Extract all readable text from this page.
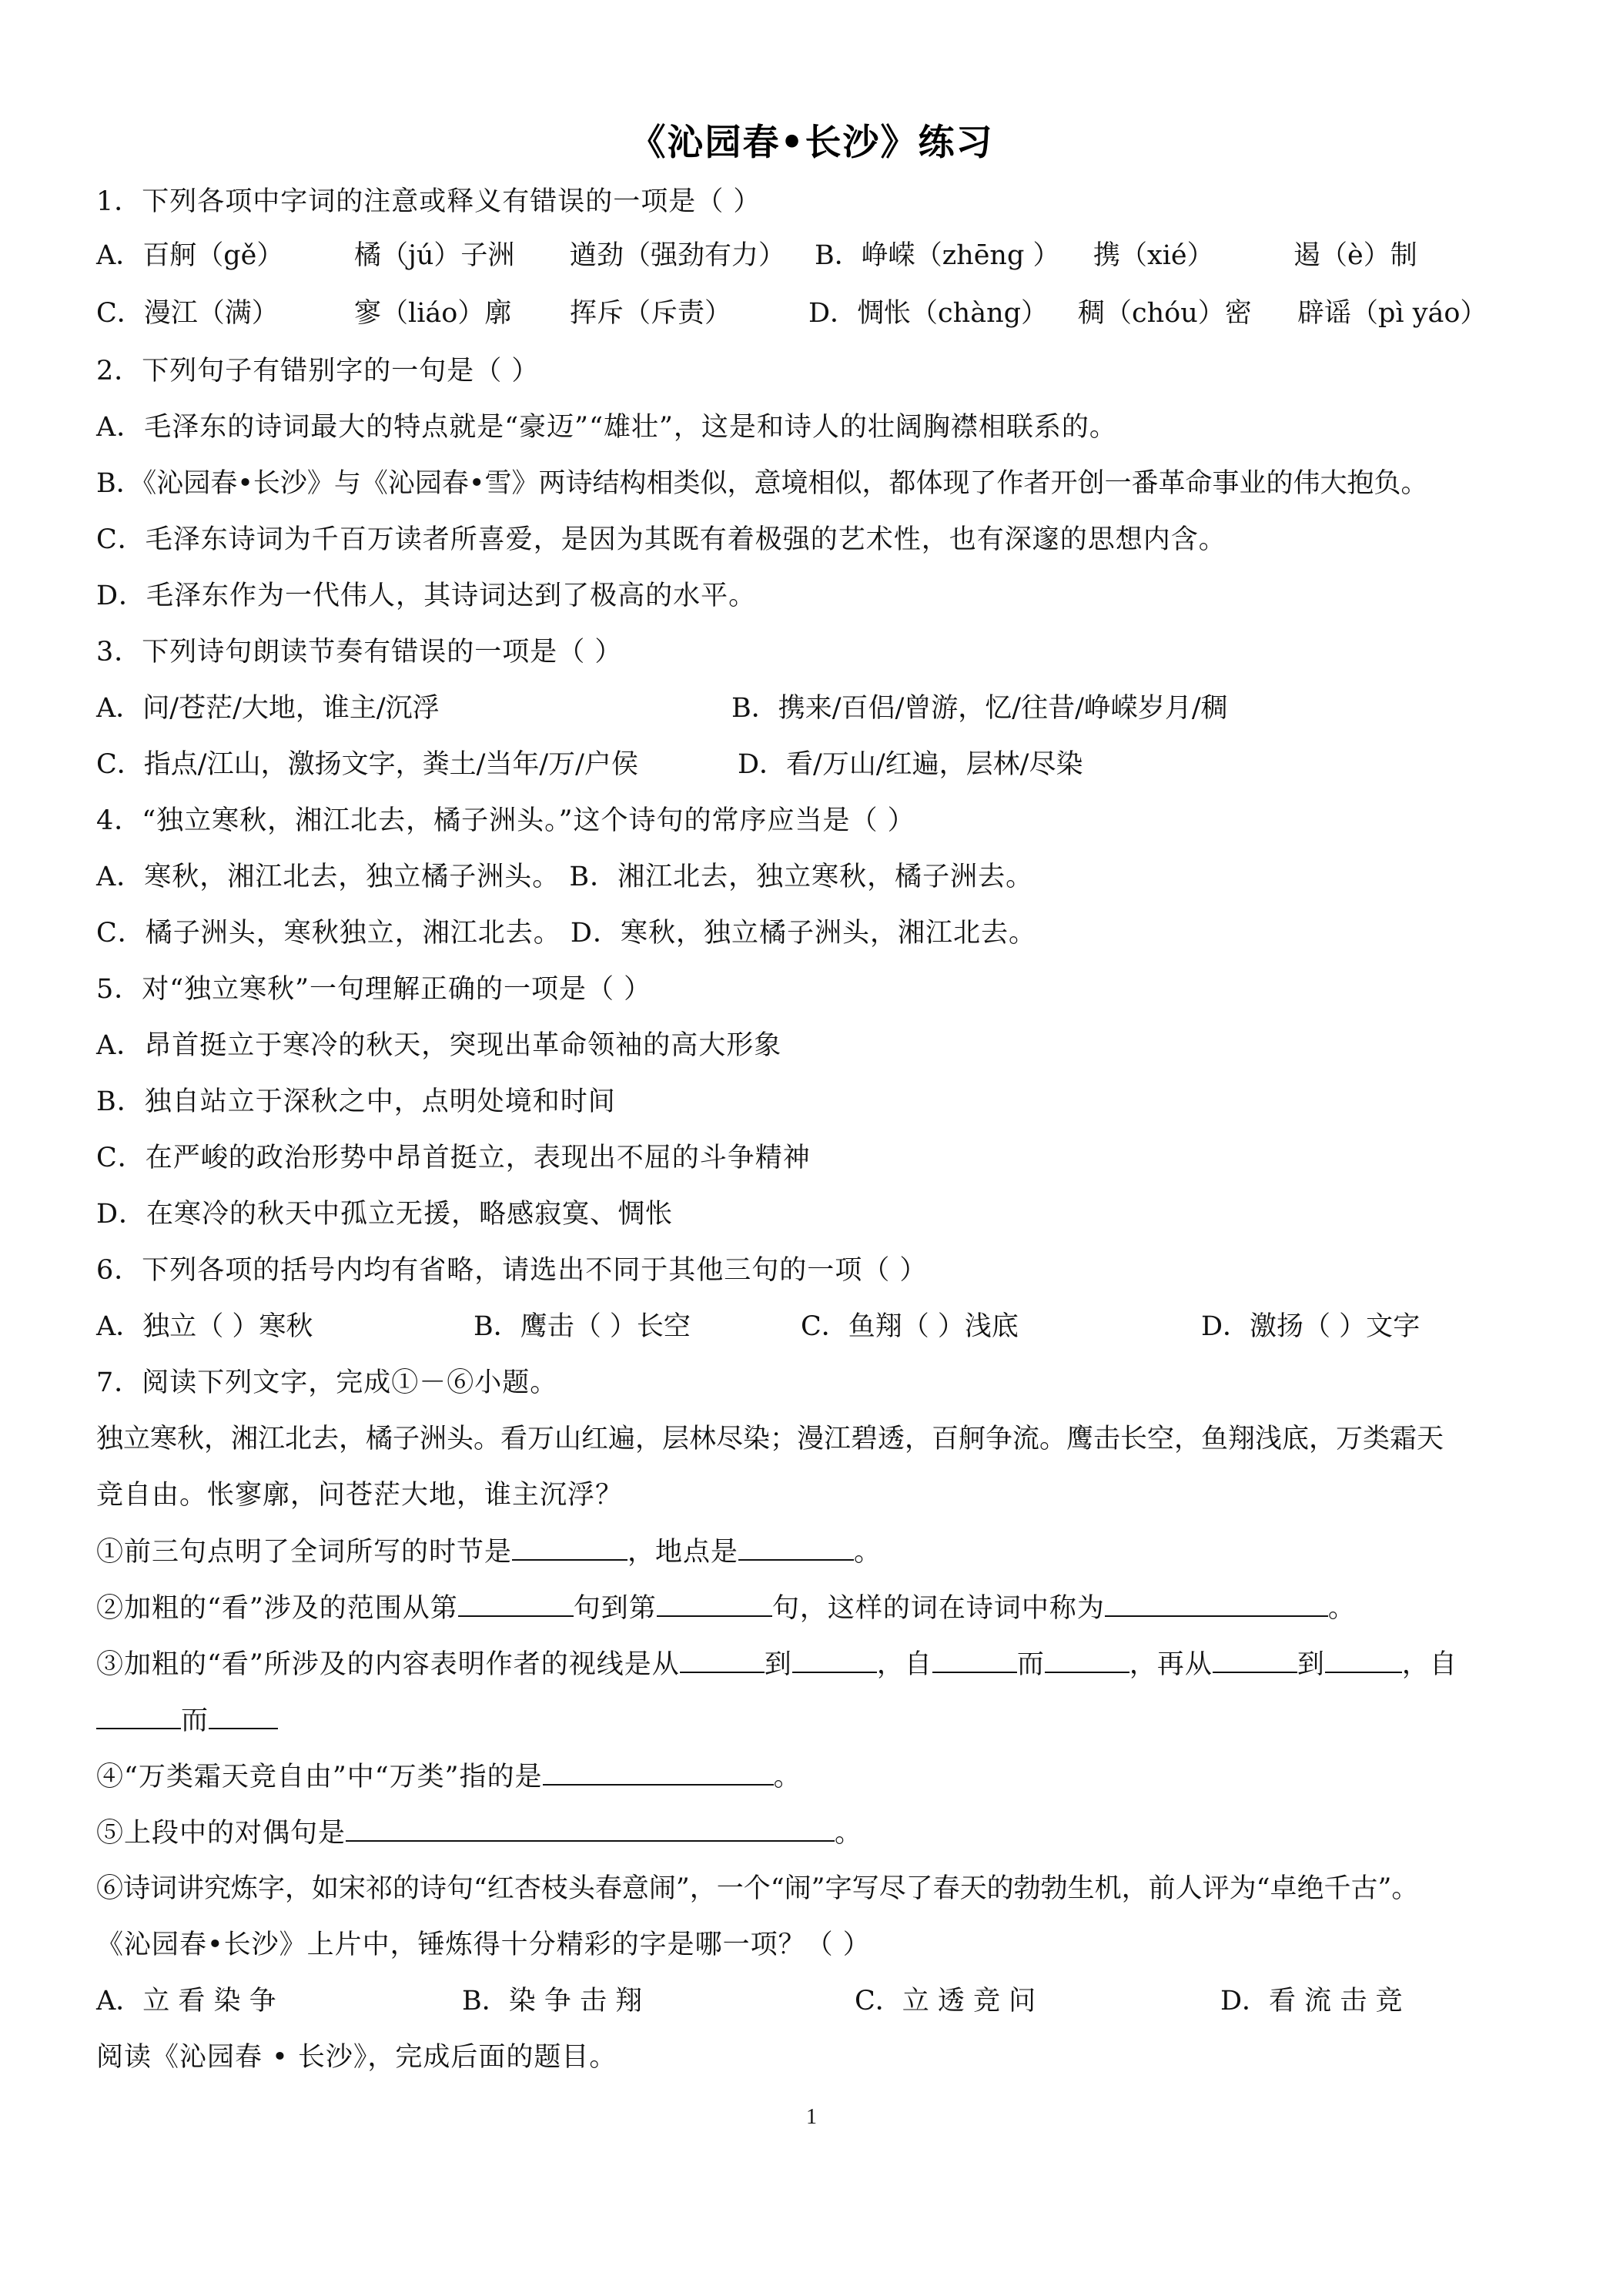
《沁园春•长沙》练习
1．下列各项中字词的注意或释义有错误的一项是（ ）
A．百舸（gě）	橘（jú）子洲 遒劲（强劲有力） B．峥嵘（zhēng ） 携（xié）	遏（è）制
C．漫江（满）	寥（liáo）廓 挥斥（斥责）	D．惆怅（chàng） 稠（chóu）密 辟谣（pì yáo）
2．下列句子有错别字的一句是（ ）
A．毛泽东的诗词最大的特点就是“豪迈”“雄壮”，这是和诗人的壮阔胸襟相联系的。
B．《沁园春•长沙》与《沁园春•雪》两诗结构相类似，意境相似，都体现了作者开创一番革命事业的伟大抱负。
C．毛泽东诗词为千百万读者所喜爱，是因为其既有着极强的艺术性，也有深邃的思想内含。
D．毛泽东作为一代伟人，其诗词达到了极高的水平。
3．下列诗句朗读节奏有错误的一项是（ ）
A．问/苍茫/大地，谁主/沉浮	B．携来/百侣/曾游，忆/往昔/峥嵘岁月/稠
C．指点/江山，激扬文字，粪土/当年/万/户侯	D．看/万山/红遍，层林/尽染
4．“独立寒秋，湘江北去，橘子洲头。”这个诗句的常序应当是（ ）
A．寒秋，湘江北去，独立橘子洲头。 B．湘江北去，独立寒秋，橘子洲去。
C．橘子洲头，寒秋独立，湘江北去。 D．寒秋，独立橘子洲头，湘江北去。
5．对“独立寒秋”一句理解正确的一项是（ ）
A．昂首挺立于寒冷的秋天，突现出革命领袖的高大形象
B．独自站立于深秋之中，点明处境和时间
C．在严峻的政治形势中昂首挺立，表现出不屈的斗争精神
D．在寒冷的秋天中孤立无援，略感寂寞、惆怅
6．下列各项的括号内均有省略，请选出不同于其他三句的一项（ ）
A．独立（ ）寒秋	B．鹰击（ ）长空	C．鱼翔（ ）浅底	D．激扬（ ）文字
7．阅读下列文字，完成①－⑥小题。
独立寒秋，湘江北去，橘子洲头。看万山红遍，层林尽染；漫江碧透，百舸争流。鹰击长空，鱼翔浅底，万类霜天
竞自由。怅寥廓，问苍茫大地，谁主沉浮？
①前三句点明了全词所写的时节是	，地点是	。
②加粗的“看”涉及的范围从第	句到第	句，这样的词在诗词中称为	。
③加粗的“看”所涉及的内容表明作者的视线是从	到	，自	而	，再从	到	，自
而
④“万类霜天竞自由”中“万类”指的是	。
⑤上段中的对偶句是	。
⑥诗词讲究炼字，如宋祁的诗句“红杏枝头春意闹”，一个“闹”字写尽了春天的勃勃生机，前人评为“卓绝千古”。
《沁园春•长沙》上片中，锤炼得十分精彩的字是哪一项？（ ）
A．立 看 染 争	B．染 争 击 翔	C．立 透 竞 问	D．看 流 击 竞
阅读《沁园春 • 长沙》，完成后面的题目。
1
